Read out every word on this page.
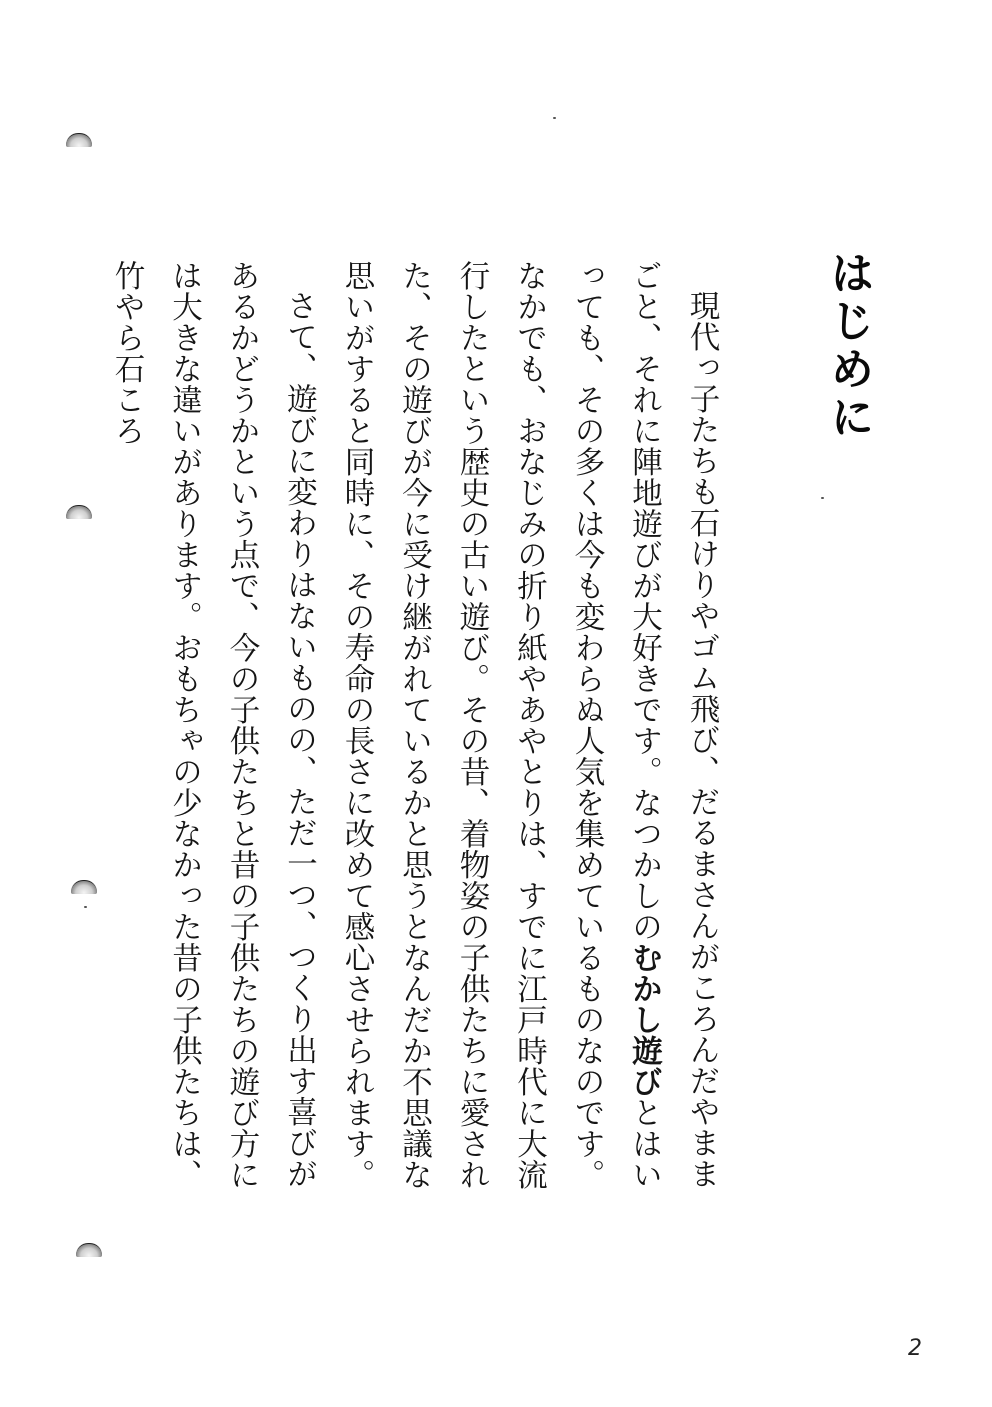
はじめに

現代っ子たちも石けりやゴム飛び、だるまさんがころんだやままごと、それに陣地遊びが大好きです。なつかしのむかし遊びとはいっても、その多くは今も変わらぬ人気を集めているものなのです。なかでも、おなじみの折り紙やあやとりは、すでに江戸時代に大流行したという歴史の古い遊び。その昔、着物姿の子供たちに愛された、その遊びが今に受け継がれているかと思うとなんだか不思議な思いがすると同時に、その寿命の長さに改めて感心させられます。

さて、遊びに変わりはないものの、ただ一つ、つくり出す喜びがあるかどうかという点で、今の子供たちと昔の子供たちの遊び方には大きな違いがあります。おもちゃの少なかった昔の子供たちは、竹やら石ころ

2
